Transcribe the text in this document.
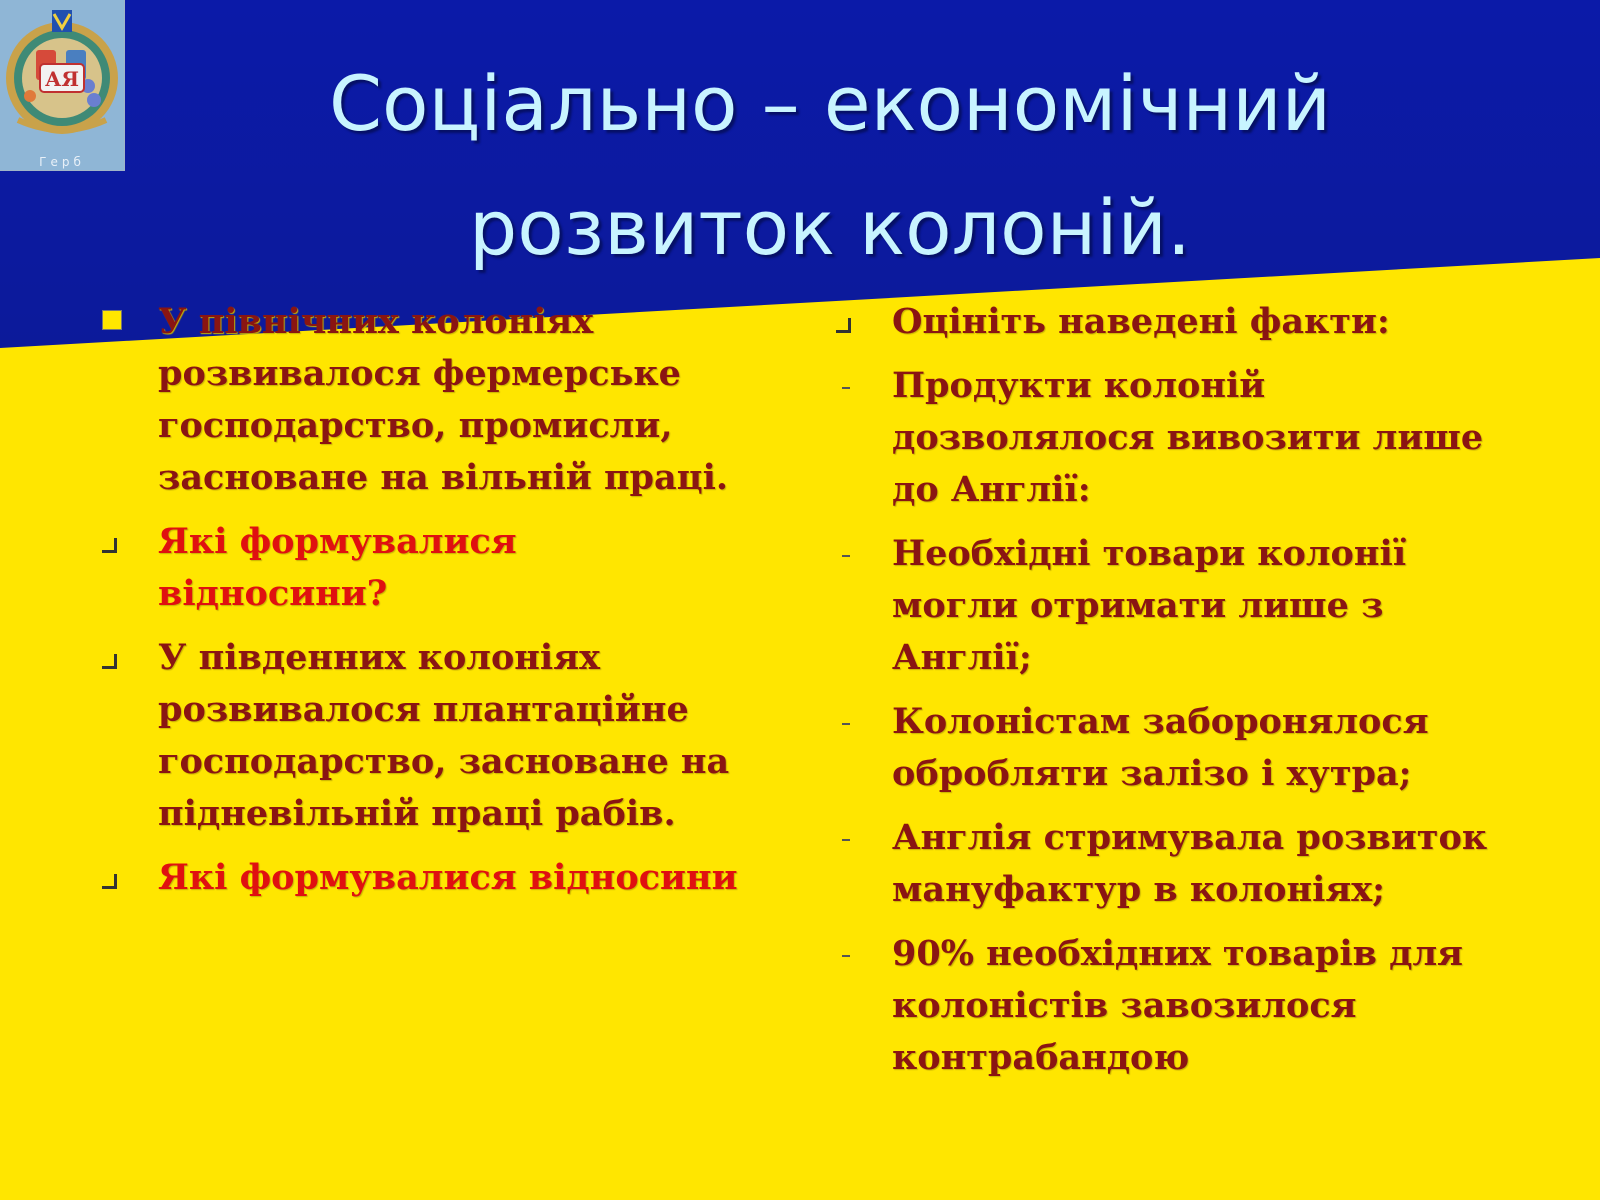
АЯ
Герб
Соціально – економічний розвиток колоній.
У північних колоніях розвивалося фермерське господарство, промисли, засноване на вільній праці.
Які формувалися відносини?
У південних колоніях розвивалося плантаційне господарство, засноване на підневільній праці рабів.
Які формувалися відносини
Оцініть наведені факти:
Продукти колоній дозволялося вивозити лише до Англії:
Необхідні товари колонії могли отримати лише з Англії;
Колоністам заборонялося обробляти залізо і хутра;
Англія стримувала розвиток мануфактур в колоніях;
90% необхідних товарів для колоністів завозилося контрабандою
